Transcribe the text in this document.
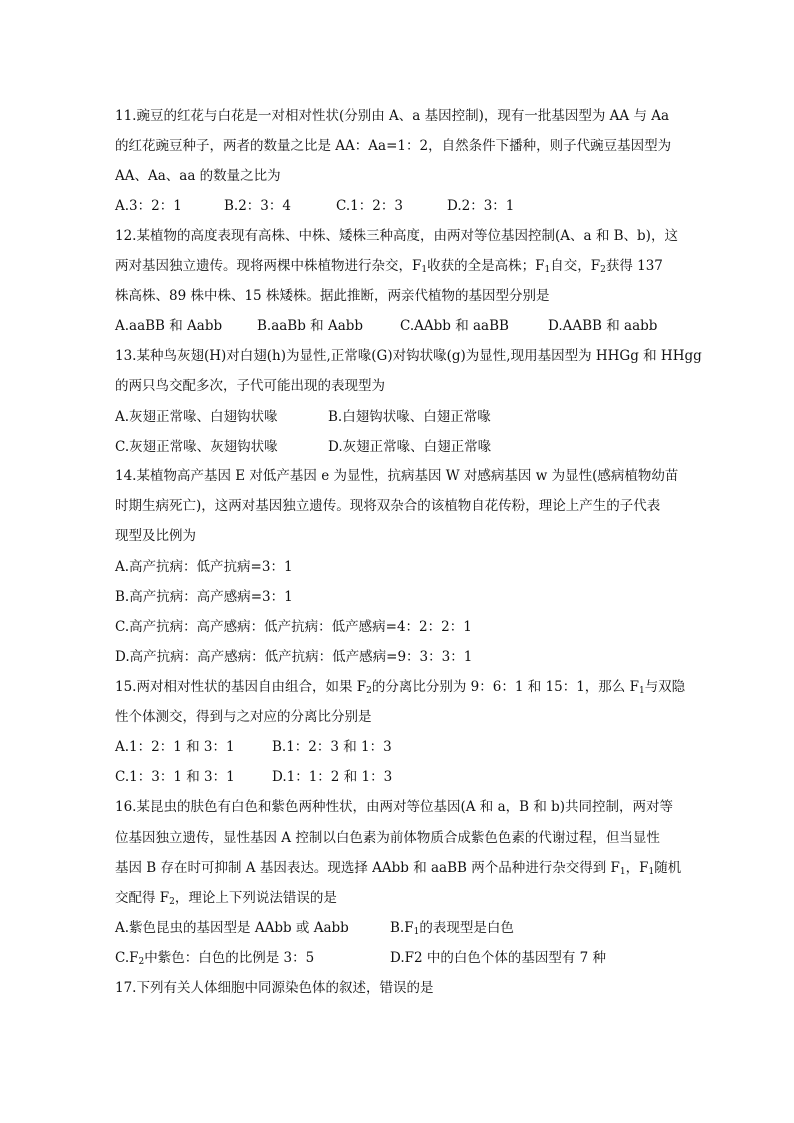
11.豌豆的红花与白花是一对相对性状(分别由 A、a 基因控制)，现有一批基因型为 AA 与 Aa
的红花豌豆种子，两者的数量之比是 AA：Aa=1：2，自然条件下播种，则子代豌豆基因型为
AA、Aa、aa 的数量之比为
A.3：2：1	B.2：3：4	C.1：2：3	D.2：3：1
12.某植物的高度表现有高株、中株、矮株三种高度，由两对等位基因控制(A、a 和 B、b)，这
两对基因独立遗传。现将两棵中株植物进行杂交，$F_1$收获的全是高株；$F_1$自交，$F_2$获得 137
株高株、89 株中株、15 株矮株。据此推断，两亲代植物的基因型分别是
A.aaBB 和 Aabb	B.aaBb 和 Aabb	C.AAbb 和 aaBB	D.AABB 和 aabb
13.某种鸟灰翅(H)对白翅(h)为显性,正常喙(G)对钩状喙(g)为显性,现用基因型为 HHGg 和 HHgg
的两只鸟交配多次，子代可能出现的表现型为
A.灰翅正常喙、白翅钩状喙	B.白翅钩状喙、白翅正常喙
C.灰翅正常喙、灰翅钩状喙	D.灰翅正常喙、白翅正常喙
14.某植物高产基因 E 对低产基因 e 为显性，抗病基因 W 对感病基因 w 为显性(感病植物幼苗
时期生病死亡)，这两对基因独立遗传。现将双杂合的该植物自花传粉，理论上产生的子代表
现型及比例为
A.高产抗病：低产抗病=3：1
B.高产抗病：高产感病=3：1
C.高产抗病：高产感病：低产抗病：低产感病=4：2：2：1
D.高产抗病：高产感病：低产抗病：低产感病=9：3：3：1
15.两对相对性状的基因自由组合，如果 $F_2$的分离比分别为 9：6：1 和 15：1，那么 $F_1$与双隐
性个体测交，得到与之对应的分离比分别是
A.1：2：1 和 3：1	B.1：2：3 和 1：3
C.1：3：1 和 3：1	D.1：1：2 和 1：3
16.某昆虫的肤色有白色和紫色两种性状，由两对等位基因(A 和 a，B 和 b)共同控制，两对等
位基因独立遗传，显性基因 A 控制以白色素为前体物质合成紫色色素的代谢过程，但当显性
基因 B 存在时可抑制 A 基因表达。现选择 AAbb 和 aaBB 两个品种进行杂交得到 $F_1$，$F_1$随机
交配得 $F_2$，理论上下列说法错误的是
A.紫色昆虫的基因型是 AAbb 或 Aabb	$B.F_1$的表现型是白色
$C.F_2$中紫色：白色的比例是 3：5	D.F2 中的白色个体的基因型有 7 种
17.下列有关人体细胞中同源染色体的叙述，错误的是
